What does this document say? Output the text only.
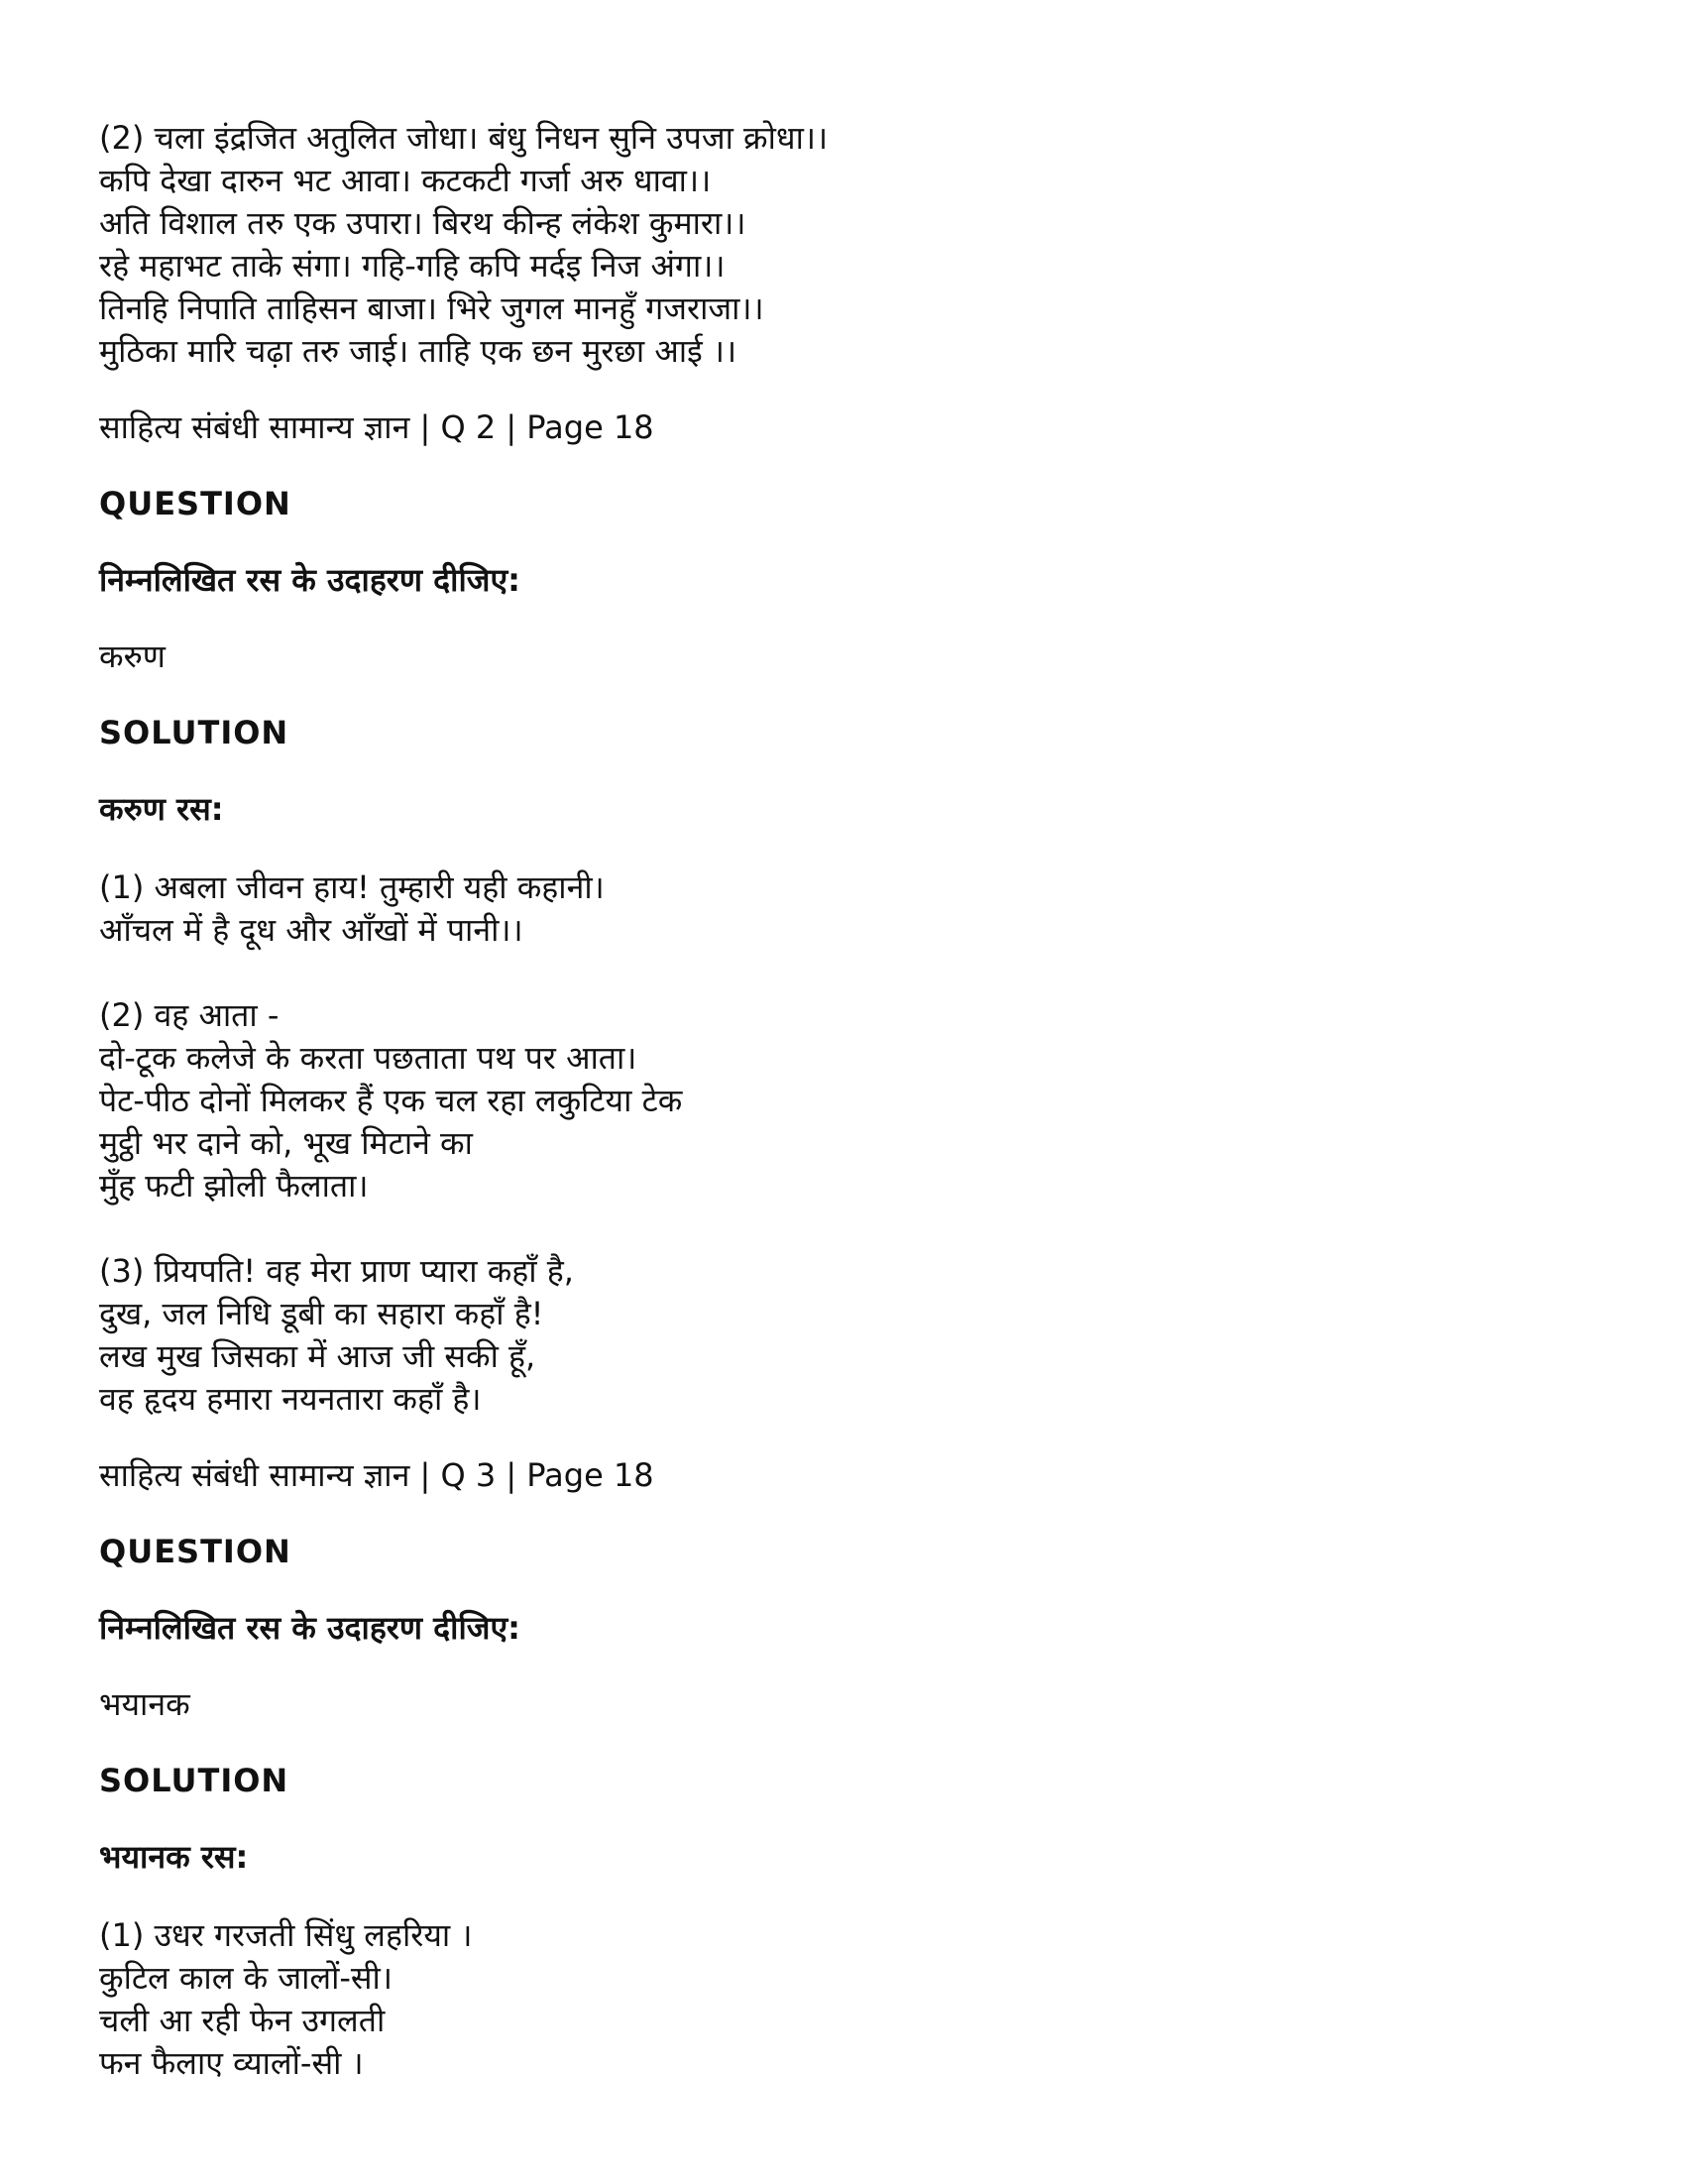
(2) चला इंद्रजित अतुलित जोधा। बंधु निधन सुनि उपजा क्रोधा।।
कपि देखा दारुन भट आवा। कटकटी गर्जा अरु धावा।।
अति विशाल तरु एक उपारा। बिरथ कीन्ह लंकेश कुमारा।।
रहे महाभट ताके संगा। गहि-गहि कपि मर्दइ निज अंगा।।
तिनहि निपाति ताहिसन बाजा। भिरे जुगल मानहुँ गजराजा।।
मुठिका मारि चढ़ा तरु जाई। ताहि एक छन मुरछा आई ।।

साहित्य संबंधी सामान्य ज्ञान | Q 2 | Page 18

QUESTION

निम्नलिखित रस के उदाहरण दीजिए:

करुण

SOLUTION

करुण रस:

(1) अबला जीवन हाय! तुम्हारी यही कहानी।
आँचल में है दूध और आँखों में पानी।।
(2) वह आता -
दो-टूक कलेजे के करता पछताता पथ पर आता।
पेट-पीठ दोनों मिलकर हैं एक चल रहा लकुटिया टेक
मुट्ठी भर दाने को, भूख मिटाने का
मुँह फटी झोली फैलाता।
(3) प्रियपति! वह मेरा प्राण प्यारा कहाँ है,
दुख, जल निधि डूबी का सहारा कहाँ है!
लख मुख जिसका में आज जी सकी हूँ,
वह हृदय हमारा नयनतारा कहाँ है।

साहित्य संबंधी सामान्य ज्ञान | Q 3 | Page 18

QUESTION

निम्नलिखित रस के उदाहरण दीजिए:

भयानक

SOLUTION

भयानक रस:

(1) उधर गरजती सिंधु लहरिया ।
कुटिल काल के जालों-सी।
चली आ रही फेन उगलती
फन फैलाए व्यालों-सी ।
